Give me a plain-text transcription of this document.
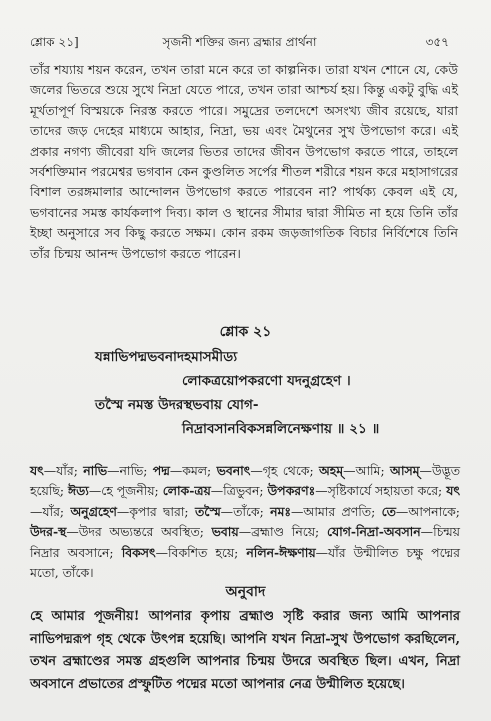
শ্লোক ২১]	সৃজনী শক্তির জন্য ব্রহ্মার প্রার্থনা	৩৫৭

তাঁর শয্যায় শয়ন করেন, তখন তারা মনে করে তা কাল্পনিক। তারা যখন শোনে যে, কেউ জলের ভিতরে শুয়ে সুখে নিদ্রা যেতে পারে, তখন তারা আশ্চর্য হয়। কিন্তু একটু বুদ্ধি এই মূর্খতাপূর্ণ বিস্ময়কে নিরস্ত করতে পারে। সমুদ্রের তলদেশে অসংখ্য জীব রয়েছে, যারা তাদের জড় দেহের মাধ্যমে আহার, নিদ্রা, ভয় এবং মৈথুনের সুখ উপভোগ করে। এই প্রকার নগণ্য জীবেরা যদি জলের ভিতর তাদের জীবন উপভোগ করতে পারে, তাহলে সর্বশক্তিমান পরমেশ্বর ভগবান কেন কুণ্ডলিত সর্পের শীতল শরীরে শয়ন করে মহাসাগরের বিশাল তরঙ্গমালার আন্দোলন উপভোগ করতে পারবেন না? পার্থক্য কেবল এই যে, ভগবানের সমস্ত কার্যকলাপ দিব্য। কাল ও স্থানের সীমার দ্বারা সীমিত না হয়ে তিনি তাঁর ইচ্ছা অনুসারে সব কিছু করতে সক্ষম। কোন রকম জড়জাগতিক বিচার নির্বিশেষে তিনি তাঁর চিন্ময় আনন্দ উপভোগ করতে পারেন।

শ্লোক ২১
যন্নাভিপদ্মভবনাদহমাসমীড্য
লোকত্রয়োপকরণো যদনুগ্রহেণ ।
তস্মৈ নমস্ত উদরস্থভবায় যোগ-
নিদ্রাবসানবিকসন্নলিনেক্ষণায় ॥ ২১ ॥
যৎ—যাঁর; নাভি—নাভি; পদ্ম—কমল; ভবনাৎ—গৃহ থেকে; অহম্—আমি; আসম্—উদ্ভূত হয়েছি; ঈড্য—হে পূজনীয়; লোক-ত্রয়—ত্রিভুবন; উপকরণঃ—সৃষ্টিকার্যে সহায়তা করে; যৎ—যাঁর; অনুগ্রহেণ—কৃপার দ্বারা; তস্মৈ—তাঁকে; নমঃ—আমার প্রণতি; তে—আপনাকে; উদর-স্থ—উদর অভ্যন্তরে অবস্থিত; ভবায়—ব্রহ্মাণ্ড নিয়ে; যোগ-নিদ্রা-অবসান—চিন্ময় নিদ্রার অবসানে; বিকসৎ—বিকশিত হয়ে; নলিন-ঈক্ষণায়—যাঁর উন্মীলিত চক্ষু পদ্মের মতো, তাঁকে।
অনুবাদ
হে আমার পূজনীয়! আপনার কৃপায় ব্রহ্মাণ্ড সৃষ্টি করার জন্য আমি আপনার নাভিপদ্মরূপ গৃহ থেকে উৎপন্ন হয়েছি। আপনি যখন নিদ্রা-সুখ উপভোগ করছিলেন, তখন ব্রহ্মাণ্ডের সমস্ত গ্রহগুলি আপনার চিন্ময় উদরে অবস্থিত ছিল। এখন, নিদ্রা অবসানে প্রভাতের প্রস্ফুটিত পদ্মের মতো আপনার নেত্র উন্মীলিত হয়েছে।
